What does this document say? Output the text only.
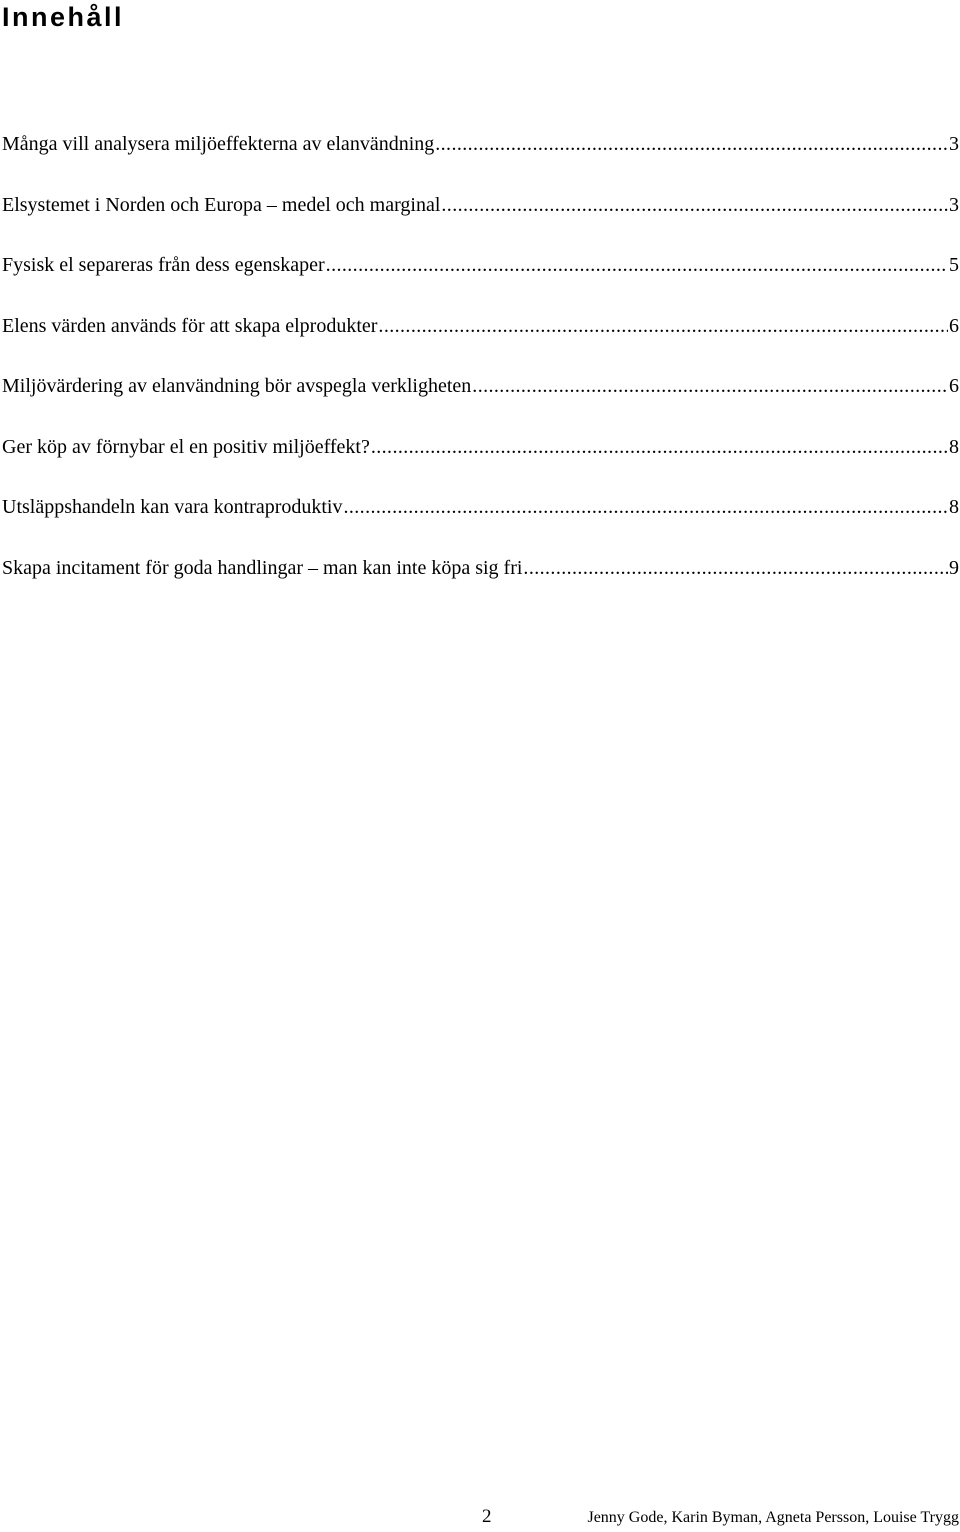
Innehåll
Många vill analysera miljöeffekterna av elanvändning .....	3
Elsystemet i Norden och Europa – medel och marginal .....	3
Fysisk el separeras från dess egenskaper .....	5
Elens värden används för att skapa elprodukter .....	6
Miljövärdering av elanvändning bör avspegla verkligheten .....	6
Ger köp av förnybar el en positiv miljöeffekt? .....	8
Utsläppshandeln kan vara kontraproduktiv .....	8
Skapa incitament för goda handlingar – man kan inte köpa sig fri .....	9
2	Jenny Gode, Karin Byman, Agneta Persson, Louise Trygg
